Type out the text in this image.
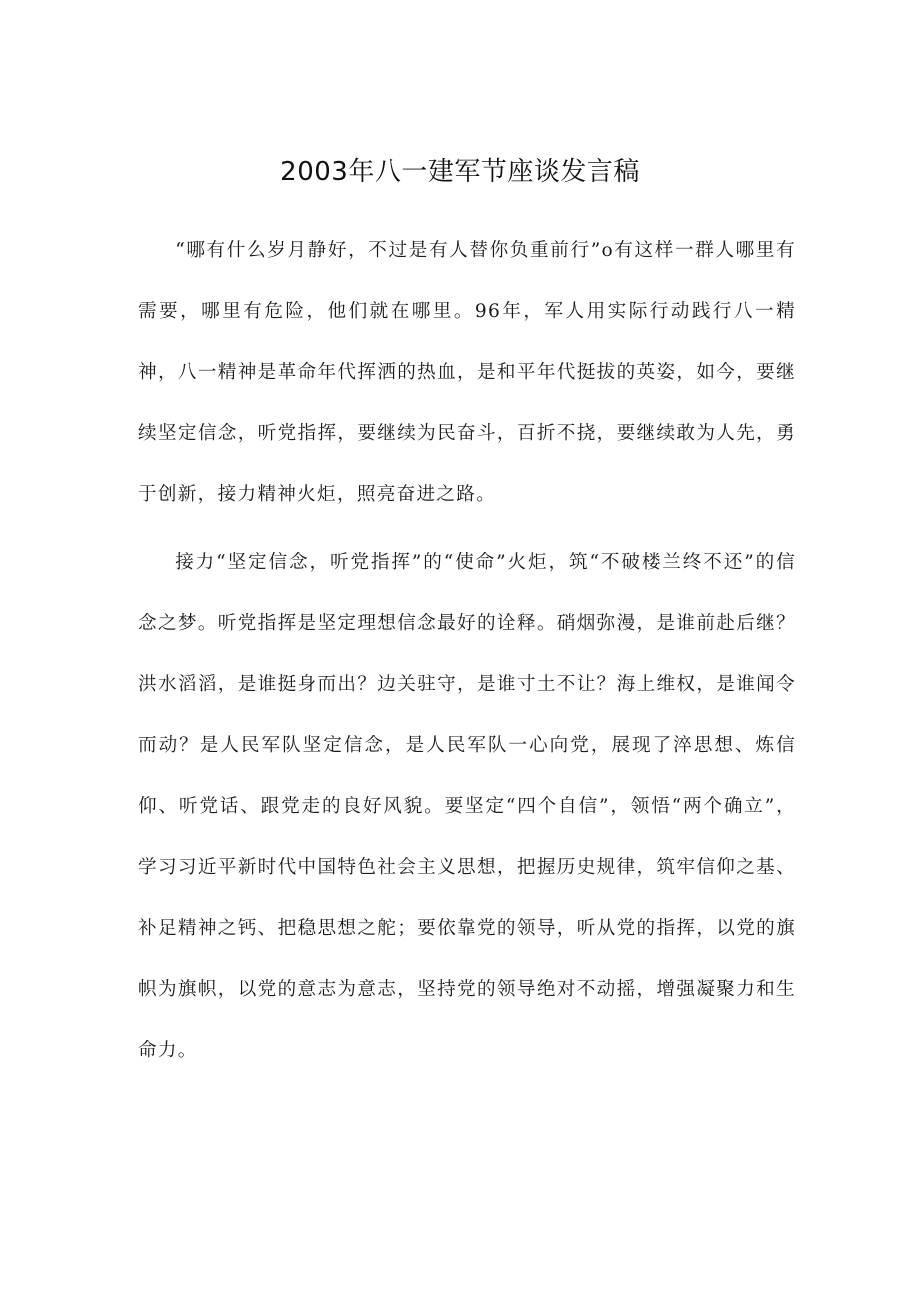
2003年八一建军节座谈发言稿

“哪有什么岁月静好，不过是有人替你负重前行”o有这样一群人哪里有需要，哪里有危险，他们就在哪里。96年，军人用实际行动践行八一精神，八一精神是革命年代挥洒的热血，是和平年代挺拔的英姿，如今，要继续坚定信念，听党指挥，要继续为民奋斗，百折不挠，要继续敢为人先，勇于创新，接力精神火炬，照亮奋进之路。

接力“坚定信念，听党指挥”的“使命”火炬，筑“不破楼兰终不还”的信念之梦。听党指挥是坚定理想信念最好的诠释。硝烟弥漫，是谁前赴后继？洪水滔滔，是谁挺身而出？边关驻守，是谁寸土不让？海上维权，是谁闻令而动？是人民军队坚定信念，是人民军队一心向党，展现了淬思想、炼信仰、听党话、跟党走的良好风貌。要坚定“四个自信”，领悟“两个确立”，学习习近平新时代中国特色社会主义思想，把握历史规律，筑牢信仰之基、补足精神之钙、把稳思想之舵；要依靠党的领导，听从党的指挥，以党的旗帜为旗帜，以党的意志为意志，坚持党的领导绝对不动摇，增强凝聚力和生命力。
